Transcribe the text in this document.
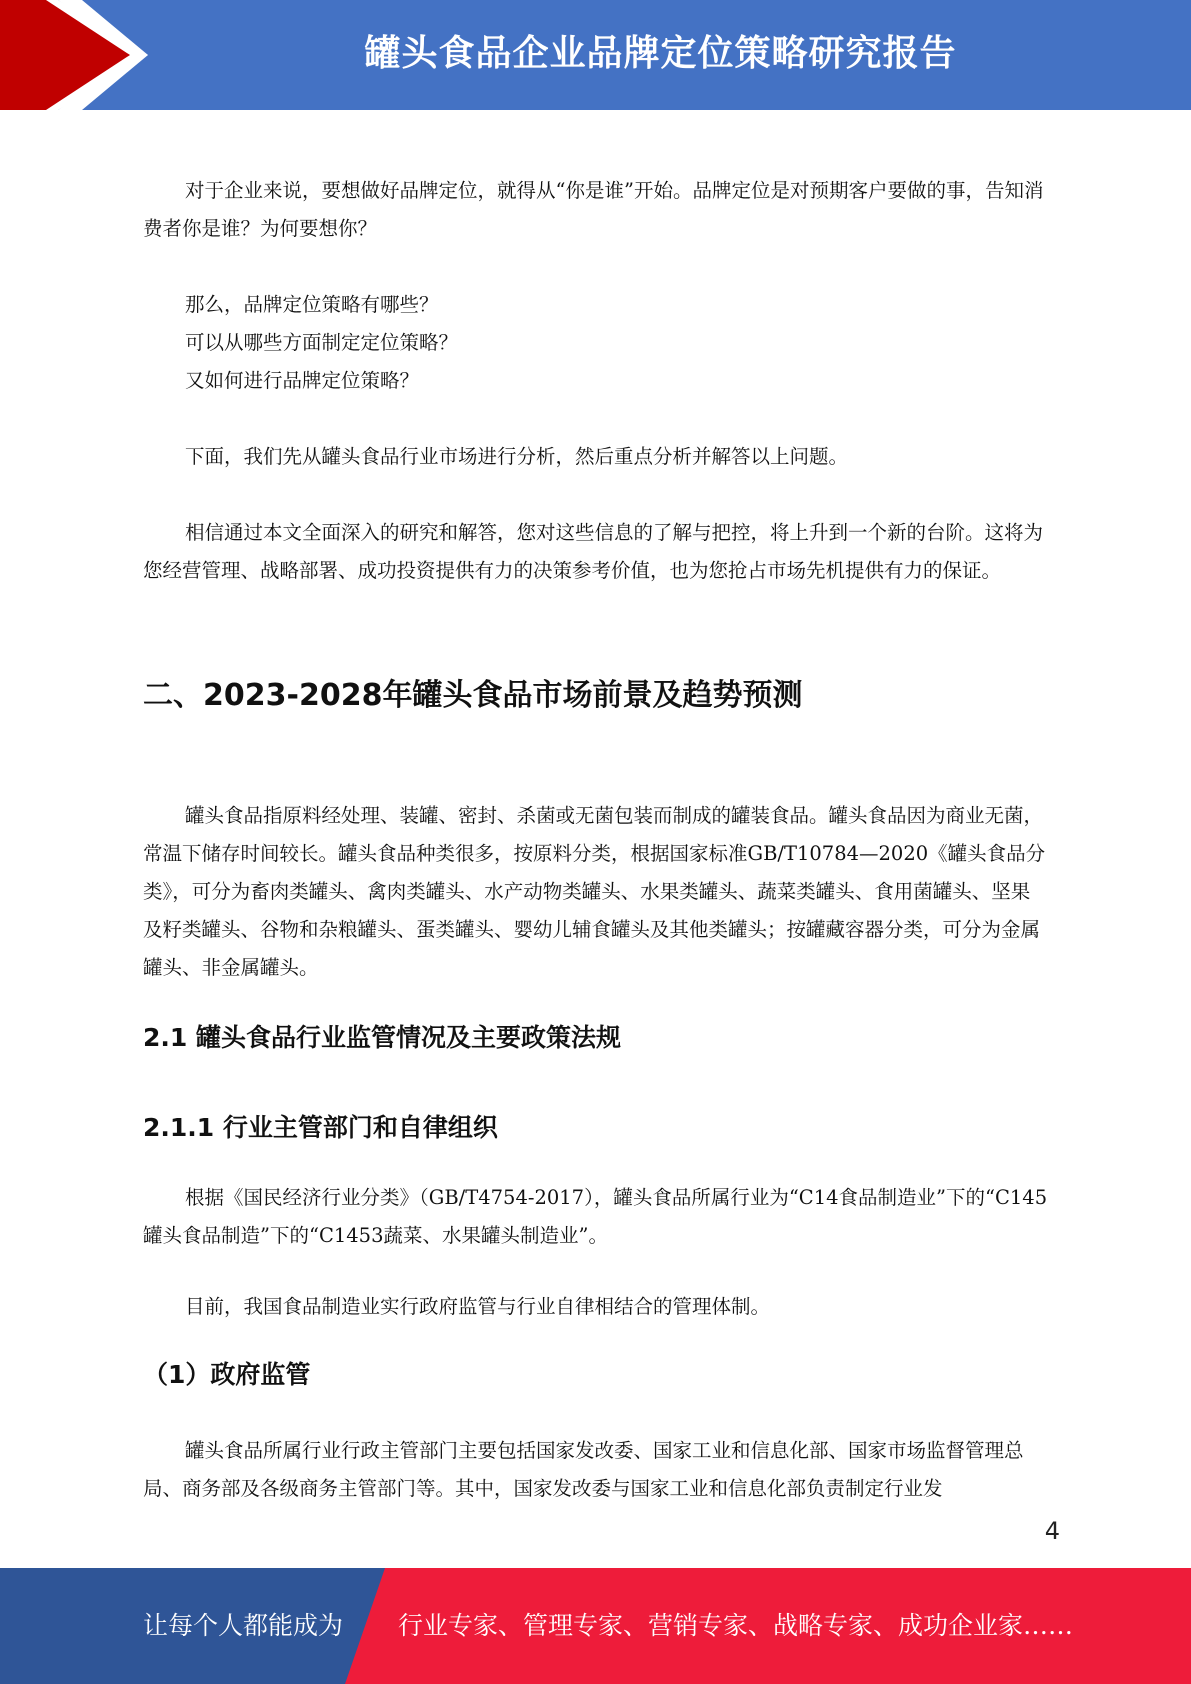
罐头食品企业品牌定位策略研究报告

对于企业来说，要想做好品牌定位，就得从“你是谁”开始。品牌定位是对预期客户要做的事，告知消费者你是谁？为何要想你？

那么，品牌定位策略有哪些？

可以从哪些方面制定定位策略？

又如何进行品牌定位策略？

下面，我们先从罐头食品行业市场进行分析，然后重点分析并解答以上问题。

相信通过本文全面深入的研究和解答，您对这些信息的了解与把控，将上升到一个新的台阶。这将为您经营管理、战略部署、成功投资提供有力的决策参考价值，也为您抢占市场先机提供有力的保证。

二、2023-2028年罐头食品市场前景及趋势预测

罐头食品指原料经处理、装罐、密封、杀菌或无菌包装而制成的罐装食品。罐头食品因为商业无菌，常温下储存时间较长。罐头食品种类很多，按原料分类，根据国家标准GB/T10784—2020《罐头食品分类》，可分为畜肉类罐头、禽肉类罐头、水产动物类罐头、水果类罐头、蔬菜类罐头、食用菌罐头、坚果及籽类罐头、谷物和杂粮罐头、蛋类罐头、婴幼儿辅食罐头及其他类罐头；按罐藏容器分类，可分为金属罐头、非金属罐头。

2.1 罐头食品行业监管情况及主要政策法规
2.1.1 行业主管部门和自律组织

根据《国民经济行业分类》（GB/T4754-2017），罐头食品所属行业为“C14食品制造业”下的“C145罐头食品制造”下的“C1453蔬菜、水果罐头制造业”。

目前，我国食品制造业实行政府监管与行业自律相结合的管理体制。

（1）政府监管

罐头食品所属行业行政主管部门主要包括国家发改委、国家工业和信息化部、国家市场监督管理总局、商务部及各级商务主管部门等。其中，国家发改委与国家工业和信息化部负责制定行业发

4
让每个人都能成为 行业专家、管理专家、营销专家、战略专家、成功企业家……
